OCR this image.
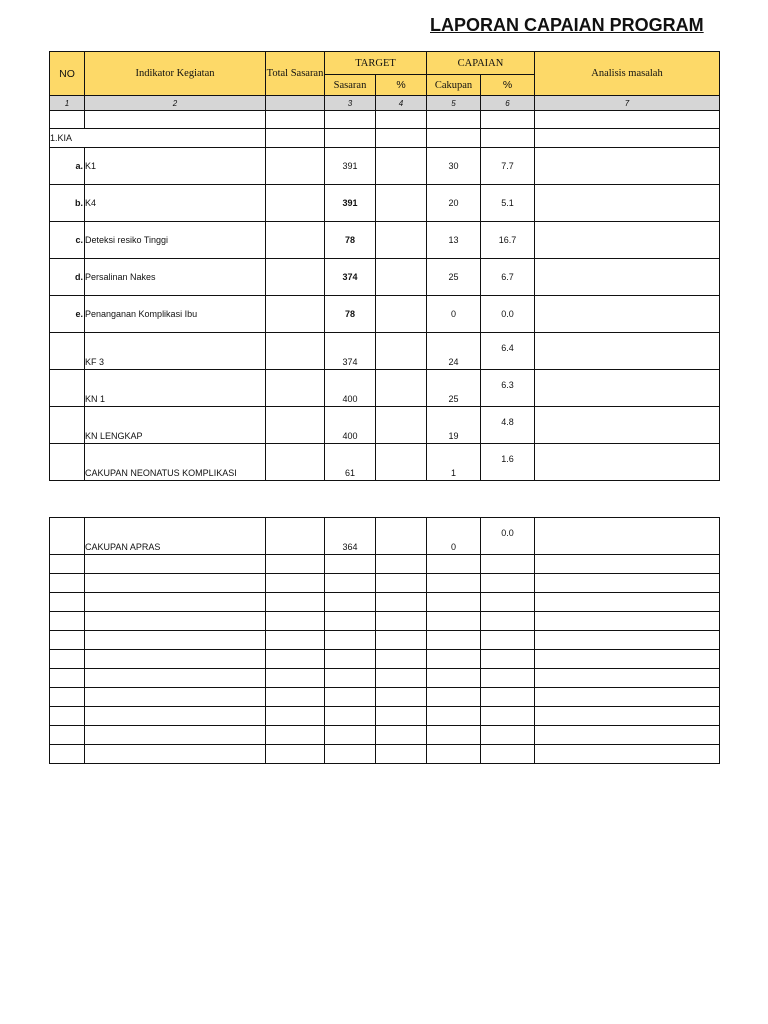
LAPORAN CAPAIAN PROGRAM
NO	Indikator Kegiatan	Total Sasaran	TARGET		CAPAIAN		Analisis masalah
			Sasaran	%	Cakupan	%	
1	2		3	4	5	6	7

1.KIA							
a.	K1		391		30	7.7	
b.	K4		391		20	5.1	
c.	Deteksi resiko Tinggi		78		13	16.7	
d.	Persalinan Nakes		374		25	6.7	
e.	Penanganan Komplikasi Ibu		78		0	0.0	
	KF 3		374		24	6.4	
	KN 1		400		25	6.3	
	KN LENGKAP		400		19	4.8	
	CAKUPAN NEONATUS KOMPLIKASI		61		1	1.6	
	CAKUPAN APRAS		364		0	0.0	
